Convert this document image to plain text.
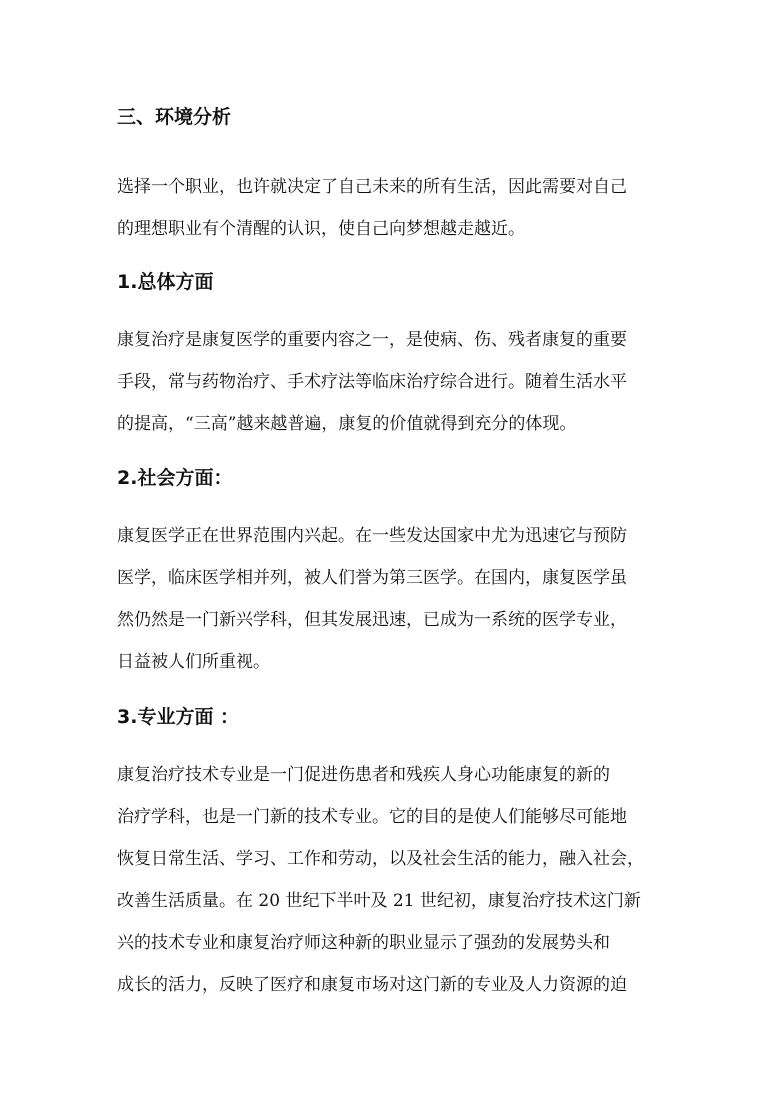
三、环境分析
选择一个职业，也许就决定了自己未来的所有生活，因此需要对自己
的理想职业有个清醒的认识，使自己向梦想越走越近。
1.总体方面
康复治疗是康复医学的重要内容之一，是使病、伤、残者康复的重要
手段，常与药物治疗、手术疗法等临床治疗综合进行。随着生活水平
的提高，“三高”越来越普遍，康复的价值就得到充分的体现。
2.社会方面：
康复医学正在世界范围内兴起。在一些发达国家中尤为迅速它与预防
医学，临床医学相并列，被人们誉为第三医学。在国内，康复医学虽
然仍然是一门新兴学科，但其发展迅速，已成为一系统的医学专业，
日益被人们所重视。
3.专业方面 ：
康复治疗技术专业是一门促进伤患者和残疾人身心功能康复的新的
治疗学科，也是一门新的技术专业。它的目的是使人们能够尽可能地
恢复日常生活、学习、工作和劳动，以及社会生活的能力，融入社会，
改善生活质量。在 20 世纪下半叶及 21 世纪初，康复治疗技术这门新
兴的技术专业和康复治疗师这种新的职业显示了强劲的发展势头和
成长的活力，反映了医疗和康复市场对这门新的专业及人力资源的迫
